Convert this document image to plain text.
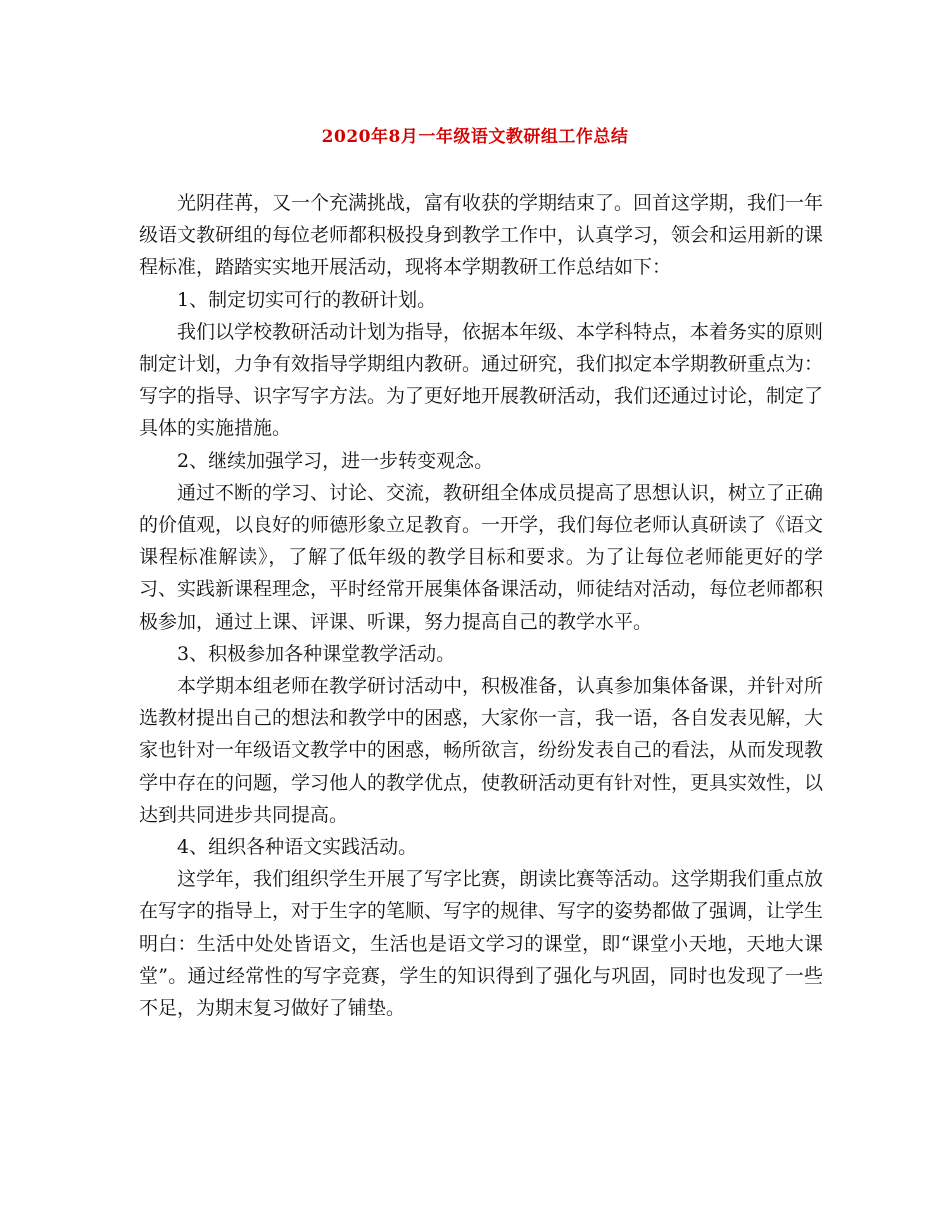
2020年8月一年级语文教研组工作总结

光阴荏苒，又一个充满挑战，富有收获的学期结束了。回首这学期，我们一年级语文教研组的每位老师都积极投身到教学工作中，认真学习，领会和运用新的课程标准，踏踏实实地开展活动，现将本学期教研工作总结如下：

1、制定切实可行的教研计划。

我们以学校教研活动计划为指导，依据本年级、本学科特点，本着务实的原则制定计划，力争有效指导学期组内教研。通过研究，我们拟定本学期教研重点为：写字的指导、识字写字方法。为了更好地开展教研活动，我们还通过讨论，制定了具体的实施措施。

2、继续加强学习，进一步转变观念。

通过不断的学习、讨论、交流，教研组全体成员提高了思想认识，树立了正确的价值观，以良好的师德形象立足教育。一开学，我们每位老师认真研读了《语文课程标准解读》，了解了低年级的教学目标和要求。为了让每位老师能更好的学习、实践新课程理念，平时经常开展集体备课活动，师徒结对活动，每位老师都积极参加，通过上课、评课、听课，努力提高自己的教学水平。

3、积极参加各种课堂教学活动。

本学期本组老师在教学研讨活动中，积极准备，认真参加集体备课，并针对所选教材提出自己的想法和教学中的困惑，大家你一言，我一语，各自发表见解，大家也针对一年级语文教学中的困惑，畅所欲言，纷纷发表自己的看法，从而发现教学中存在的问题，学习他人的教学优点，使教研活动更有针对性，更具实效性，以达到共同进步共同提高。

4、组织各种语文实践活动。

这学年，我们组织学生开展了写字比赛，朗读比赛等活动。这学期我们重点放在写字的指导上，对于生字的笔顺、写字的规律、写字的姿势都做了强调，让学生明白：生活中处处皆语文，生活也是语文学习的课堂，即“课堂小天地，天地大课堂”。通过经常性的写字竞赛，学生的知识得到了强化与巩固，同时也发现了一些不足，为期末复习做好了铺垫。
